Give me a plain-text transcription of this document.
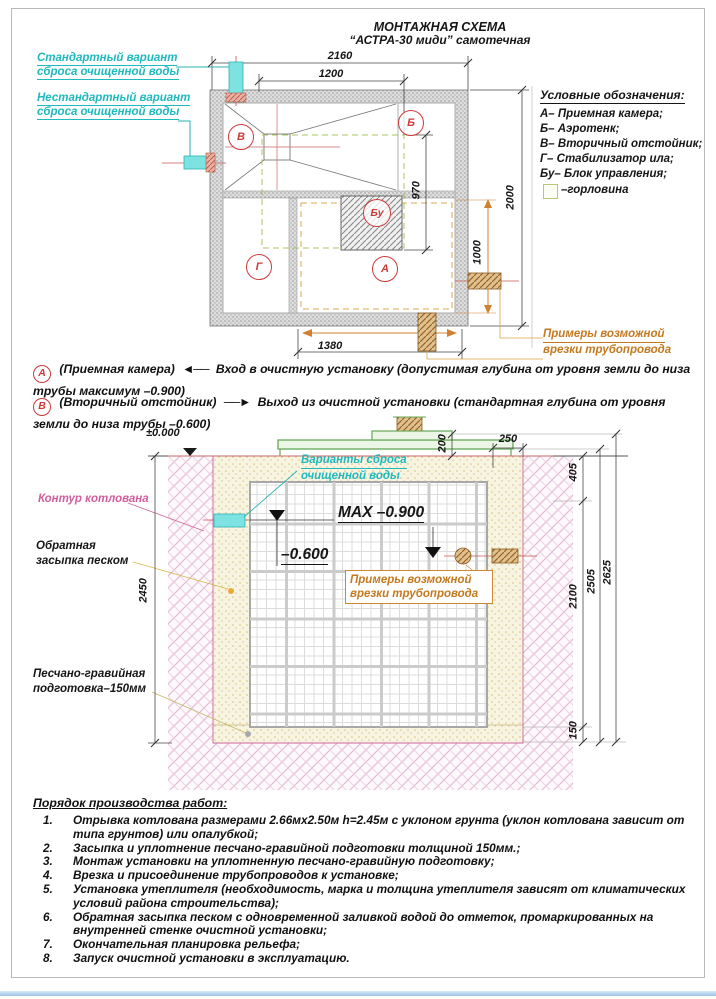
МОНТАЖНАЯ СХЕМА
“АСТРА-30 миди” самотечная
Стандартный вариант
сброса очищенной воды
Нестандартный вариант
сброса очищенной воды
Условные обозначения:
А– Приемная камера;
Б– Аэротенк;
В– Вторичный отстойник;
Г– Стабилизатор ила;
Бу– Блок управления;
–горловина
В
Б
Бу
Г	А
2160
1200
970	2000
1000
1380
Примеры возможной
врезки трубопровода
А (Приемная камера) ◄── Вход в очистную установку (допустимая глубина от уровня земли до низа трубы максимум –0.900)
В (Вторичный отстойник) ──► Выход из очистной установки (стандартная глубина от уровня земли до низа трубы –0.600)
±0.000
Варианты сброса
очищенной воды
MAX –0.900
–0.600
Примеры возможной
врезки трубопровода
Контур котлована
Обратная
засыпка песком
Песчано-гравийная
подготовка–150мм
2450
200	250
405
2100
2505 2625
150
Порядок производства работ:
1.	Отрывка котлована размерами 2.66мх2.50м h=2.45м с уклоном грунта (уклон котлована зависит от типа грунтов) или опалубкой;
2.	Засыпка и уплотнение песчано-гравийной подготовки толщиной 150мм.;
3.	Монтаж установки на уплотненную песчано-гравийную подготовку;
4.	Врезка и присоединение трубопроводов к установке;
5.	Установка утеплителя (необходимость, марка и толщина утеплителя зависят от климатических условий района строительства);
6.	Обратная засыпка песком с одновременной заливкой водой до отметок, промаркированных на внутренней стенке очистной установки;
7.	Окончательная планировка рельефа;
8.	Запуск очистной установки в эксплуатацию.
